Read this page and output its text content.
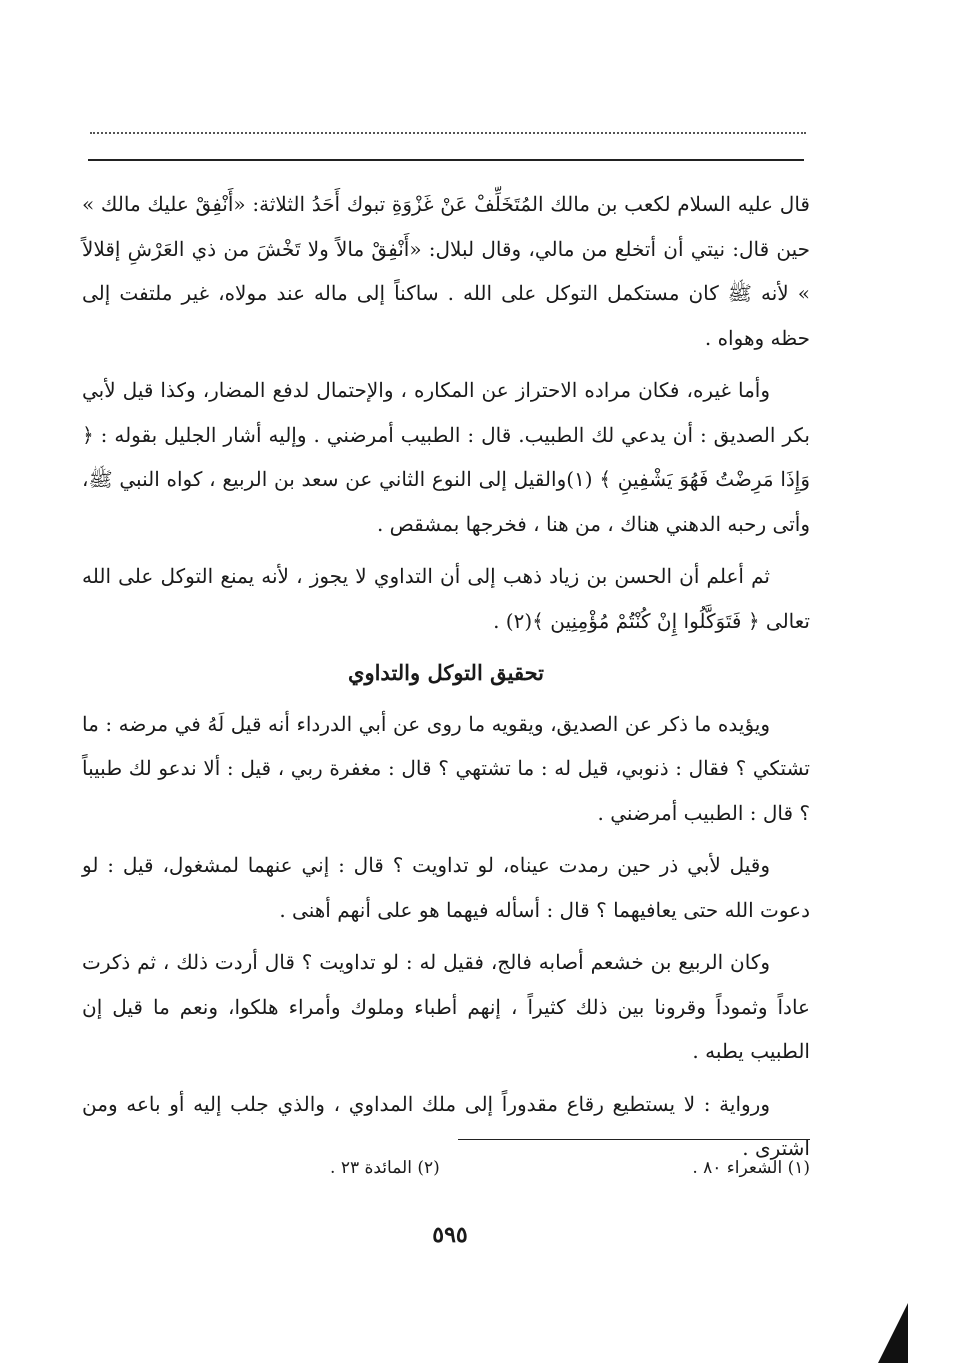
قال عليه السلام لكعب بن مالك المُتَخَلِّفْ عَنْ غَزْوَةِ تبوك أَحَدُ الثلاثة: «أَنْفِقْ عليك مالك » حين قال: نيتي أن أتخلع من مالي، وقال لبلال: «أَنْفِقْ مالاً ولا تَخْشَ من ذي العَرْشِ إقلالاً » لأنه ﷺ كان مستكمل التوكل على الله . ساكناً إلى ماله عند مولاه، غير ملتفت إلى حظه وهواه .

وأما غيره، فكان مراده الاحتراز عن المكاره ، والإحتمال لدفع المضار، وكذا قيل لأبي بكر الصديق : أن يدعي لك الطبيب. قال : الطبيب أمرضني . وإليه أشار الجليل بقوله : ﴿ وَإِذَا مَرِضْتُ فَهُوَ يَشْفِينِ ﴾ (١)والقيل إلى النوع الثاني عن سعد بن الربيع ، كواه النبي ﷺ، وأتى رحبه الدهني هناك ، من هنا ، فخرجها بمشقص .

ثم أعلم أن الحسن بن زياد ذهب إلى أن التداوي لا يجوز ، لأنه يمنع التوكل على الله تعالى ﴿ فَتَوَكَّلُوا إِنْ كُنْتُمْ مُؤْمِنِين ﴾(٢) .

تحقيق التوكل والتداوي

ويؤيده ما ذكر عن الصديق، ويقويه ما روى عن أبي الدرداء أنه قيل لَهُ في مرضه : ما تشتكي ؟ فقال : ذنوبي، قيل له : ما تشتهي ؟ قال : مغفرة ربي ، قيل : ألا ندعو لك طبيباً ؟ قال : الطبيب أمرضني .

وقيل لأبي ذر حين رمدت عيناه، لو تداويت ؟ قال : إني عنهما لمشغول، قيل : لو دعوت الله حتى يعافيهما ؟ قال : أسأله فيهما هو على أنهم أهنى .

وكان الربيع بن خشعم أصابه فالج، فقيل له : لو تداويت ؟ قال أردت ذلك ، ثم ذكرت عاداً وثموداً وقرونا بين ذلك كثيراً ، إنهم أطباء وملوك وأمراء هلكوا، ونعم ما قيل إن الطبيب يطبه .

ورواية : لا يستطيع رقاع مقدوراً إلى ملك المداوي ، والذي جلب إليه أو باعه ومن اشترى .

(١) الشعراء ٨٠ .
(٢) المائدة ٢٣ .
٥٩٥
